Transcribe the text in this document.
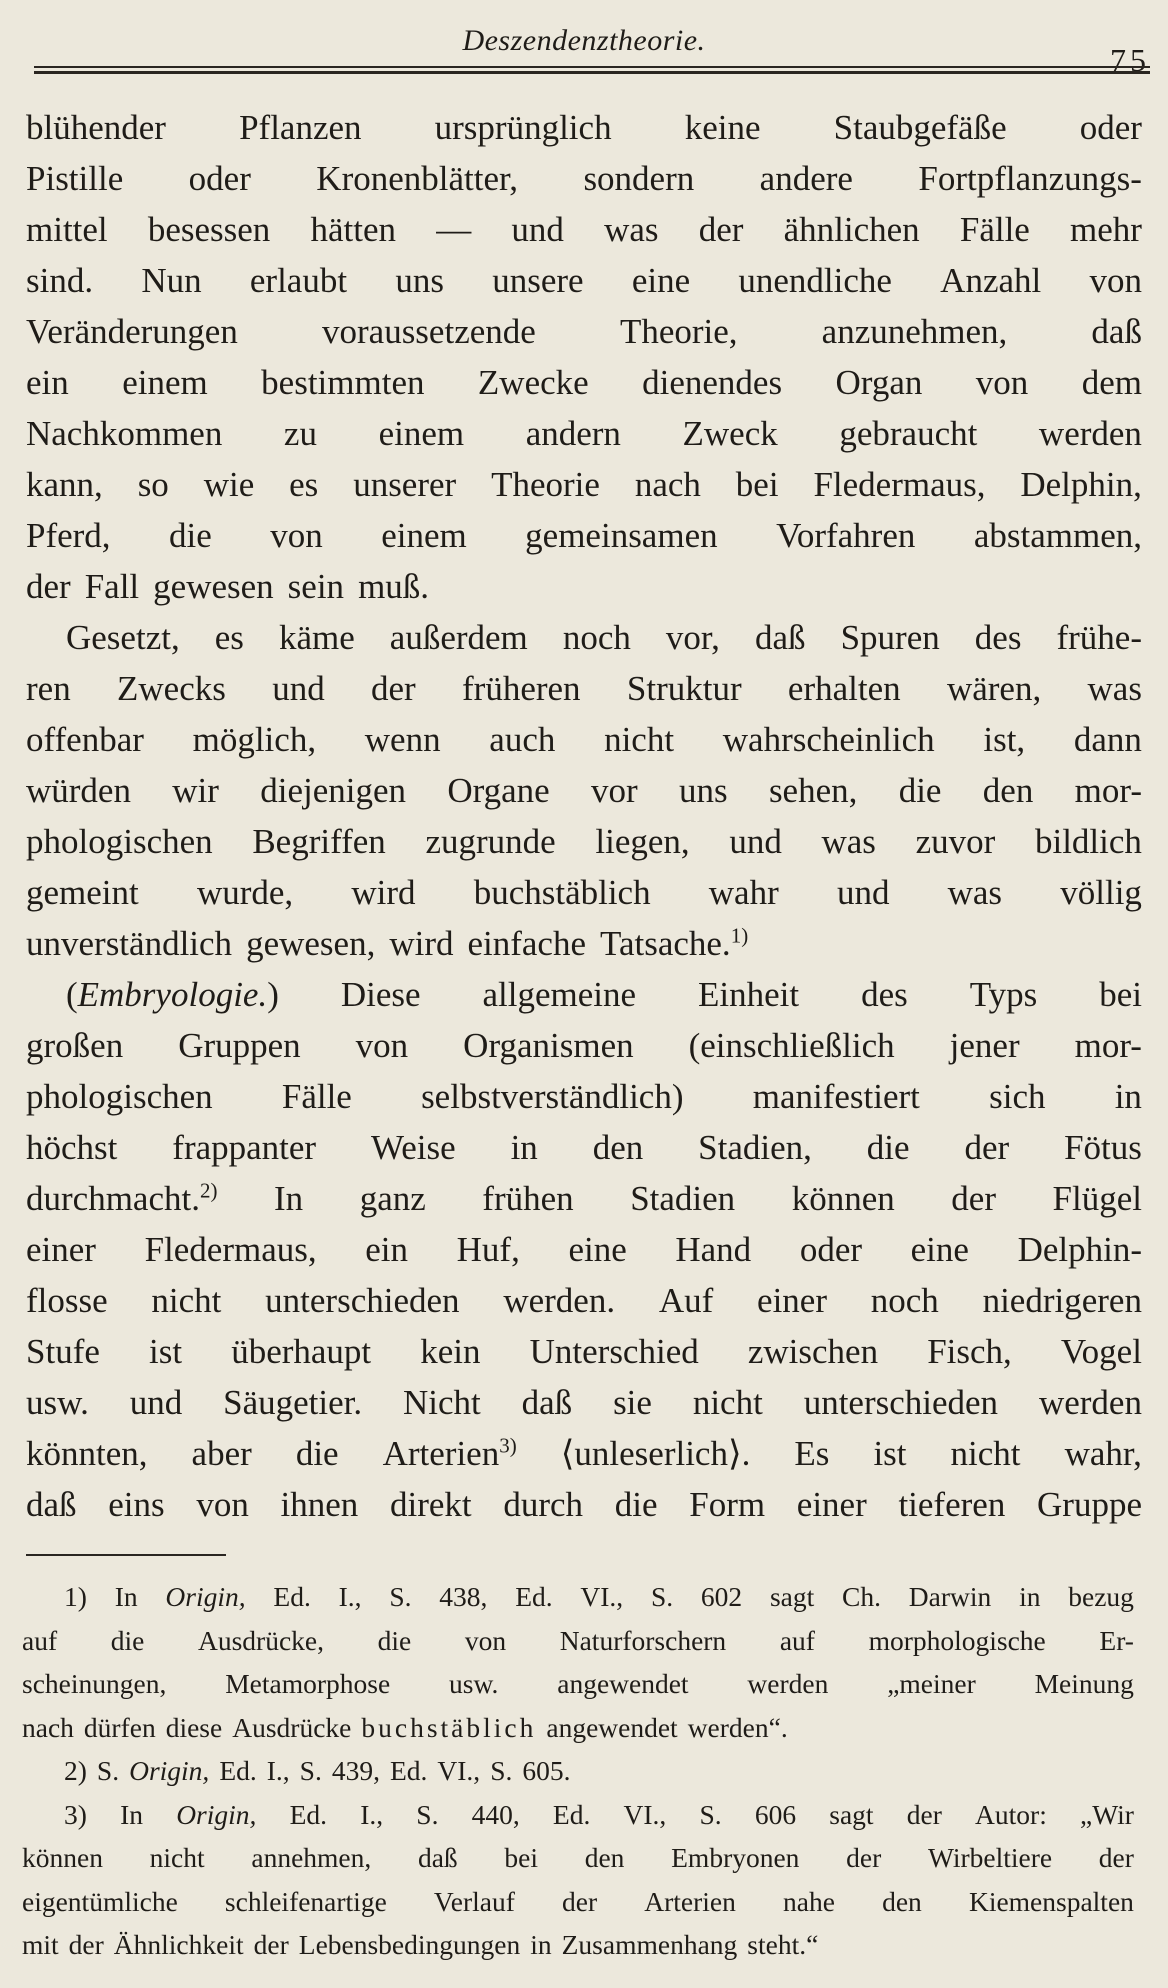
Deszendenztheorie.
75
blühender Pflanzen ursprünglich keine Staubgefäße oder
Pistille oder Kronenblätter, sondern andere Fortpflanzungs-
mittel besessen hätten — und was der ähnlichen Fälle mehr
sind. Nun erlaubt uns unsere eine unendliche Anzahl von
Veränderungen voraussetzende Theorie, anzunehmen, daß
ein einem bestimmten Zwecke dienendes Organ von dem
Nachkommen zu einem andern Zweck gebraucht werden
kann, so wie es unserer Theorie nach bei Fledermaus, Delphin,
Pferd, die von einem gemeinsamen Vorfahren abstammen,
der Fall gewesen sein muß.
Gesetzt, es käme außerdem noch vor, daß Spuren des frühe-
ren Zwecks und der früheren Struktur erhalten wären, was
offenbar möglich, wenn auch nicht wahrscheinlich ist, dann
würden wir diejenigen Organe vor uns sehen, die den mor-
phologischen Begriffen zugrunde liegen, und was zuvor bildlich
gemeint wurde, wird buchstäblich wahr und was völlig
unverständlich gewesen, wird einfache Tatsache.$^{1)}$
(Embryologie.) Diese allgemeine Einheit des Typs bei
großen Gruppen von Organismen (einschließlich jener mor-
phologischen Fälle selbstverständlich) manifestiert sich in
höchst frappanter Weise in den Stadien, die der Fötus
durchmacht.$^{2)}$ In ganz frühen Stadien können der Flügel
einer Fledermaus, ein Huf, eine Hand oder eine Delphin-
flosse nicht unterschieden werden. Auf einer noch niedrigeren
Stufe ist überhaupt kein Unterschied zwischen Fisch, Vogel
usw. und Säugetier. Nicht daß sie nicht unterschieden werden
könnten, aber die Arterien$^{3)}$ ⟨unleserlich⟩. Es ist nicht wahr,
daß eins von ihnen direkt durch die Form einer tieferen Gruppe
1) In Origin, Ed. I., S. 438, Ed. VI., S. 602 sagt Ch. Darwin in bezug
auf die Ausdrücke, die von Naturforschern auf morphologische Er-
scheinungen, Metamorphose usw. angewendet werden „meiner Meinung
nach dürfen diese Ausdrücke buchstäblich angewendet werden“.
2) S. Origin, Ed. I., S. 439, Ed. VI., S. 605.
3) In Origin, Ed. I., S. 440, Ed. VI., S. 606 sagt der Autor: „Wir
können nicht annehmen, daß bei den Embryonen der Wirbeltiere der
eigentümliche schleifenartige Verlauf der Arterien nahe den Kiemenspalten
mit der Ähnlichkeit der Lebensbedingungen in Zusammenhang steht.“
